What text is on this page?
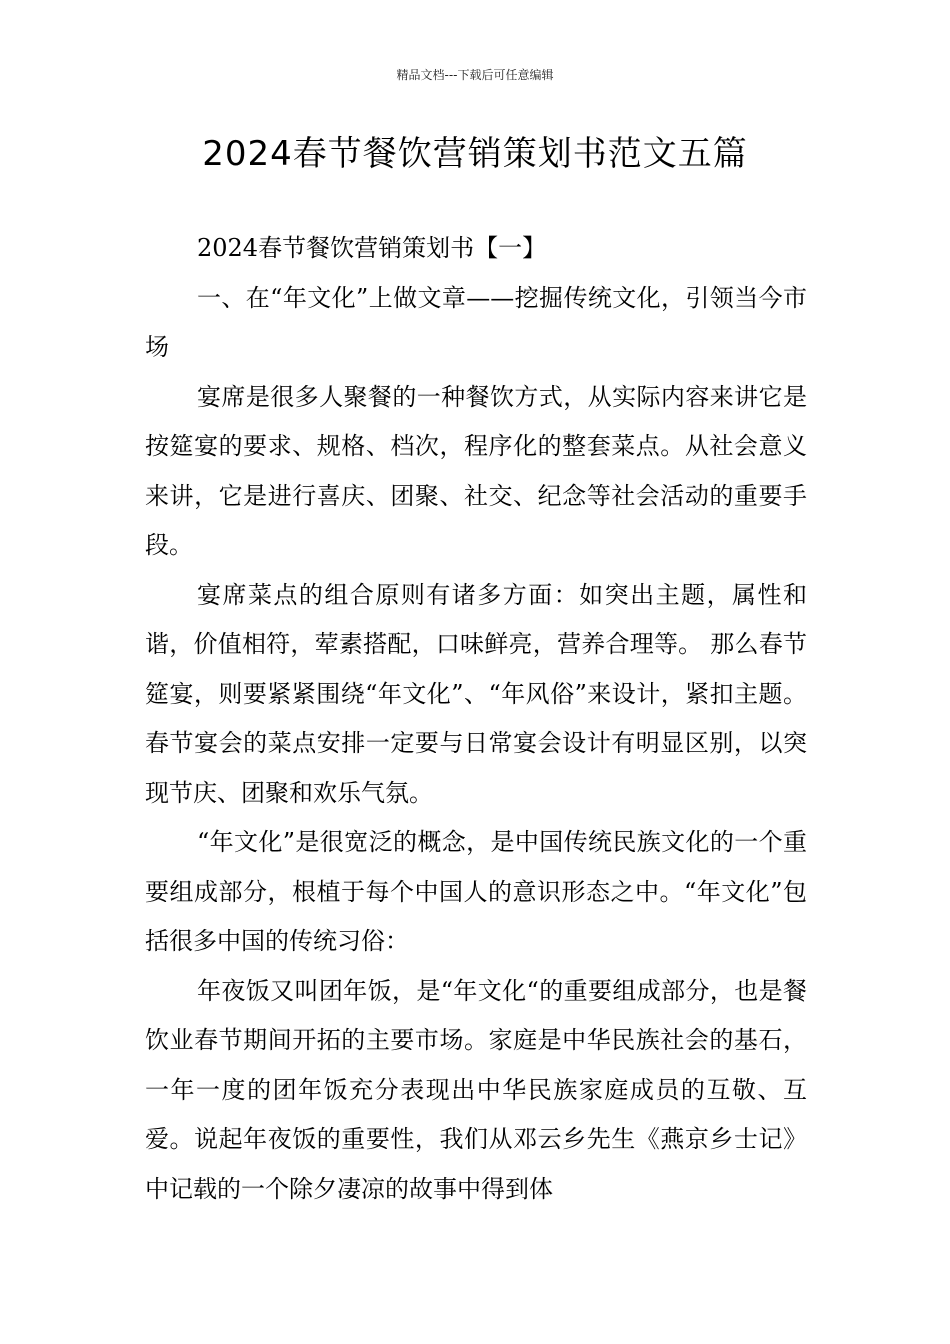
精品文档---下载后可任意编辑
2024春节餐饮营销策划书范文五篇

2024春节餐饮营销策划书【一】

一、在“年文化”上做文章——挖掘传统文化，引领当今市场

宴席是很多人聚餐的一种餐饮方式，从实际内容来讲它是按筵宴的要求、规格、档次，程序化的整套菜点。从社会意义来讲，它是进行喜庆、团聚、社交、纪念等社会活动的重要手段。

宴席菜点的组合原则有诸多方面：如突出主题，属性和谐，价值相符，荤素搭配，口味鲜亮，营养合理等。 那么春节筵宴，则要紧紧围绕“年文化”、“年风俗”来设计，紧扣主题。春节宴会的菜点安排一定要与日常宴会设计有明显区别，以突现节庆、团聚和欢乐气氛。

“年文化”是很宽泛的概念，是中国传统民族文化的一个重要组成部分，根植于每个中国人的意识形态之中。“年文化”包括很多中国的传统习俗：

年夜饭又叫团年饭，是“年文化“的重要组成部分，也是餐饮业春节期间开拓的主要市场。家庭是中华民族社会的基石，一年一度的团年饭充分表现出中华民族家庭成员的互敬、互爱。说起年夜饭的重要性，我们从邓云乡先生《燕京乡士记》中记载的一个除夕凄凉的故事中得到体
